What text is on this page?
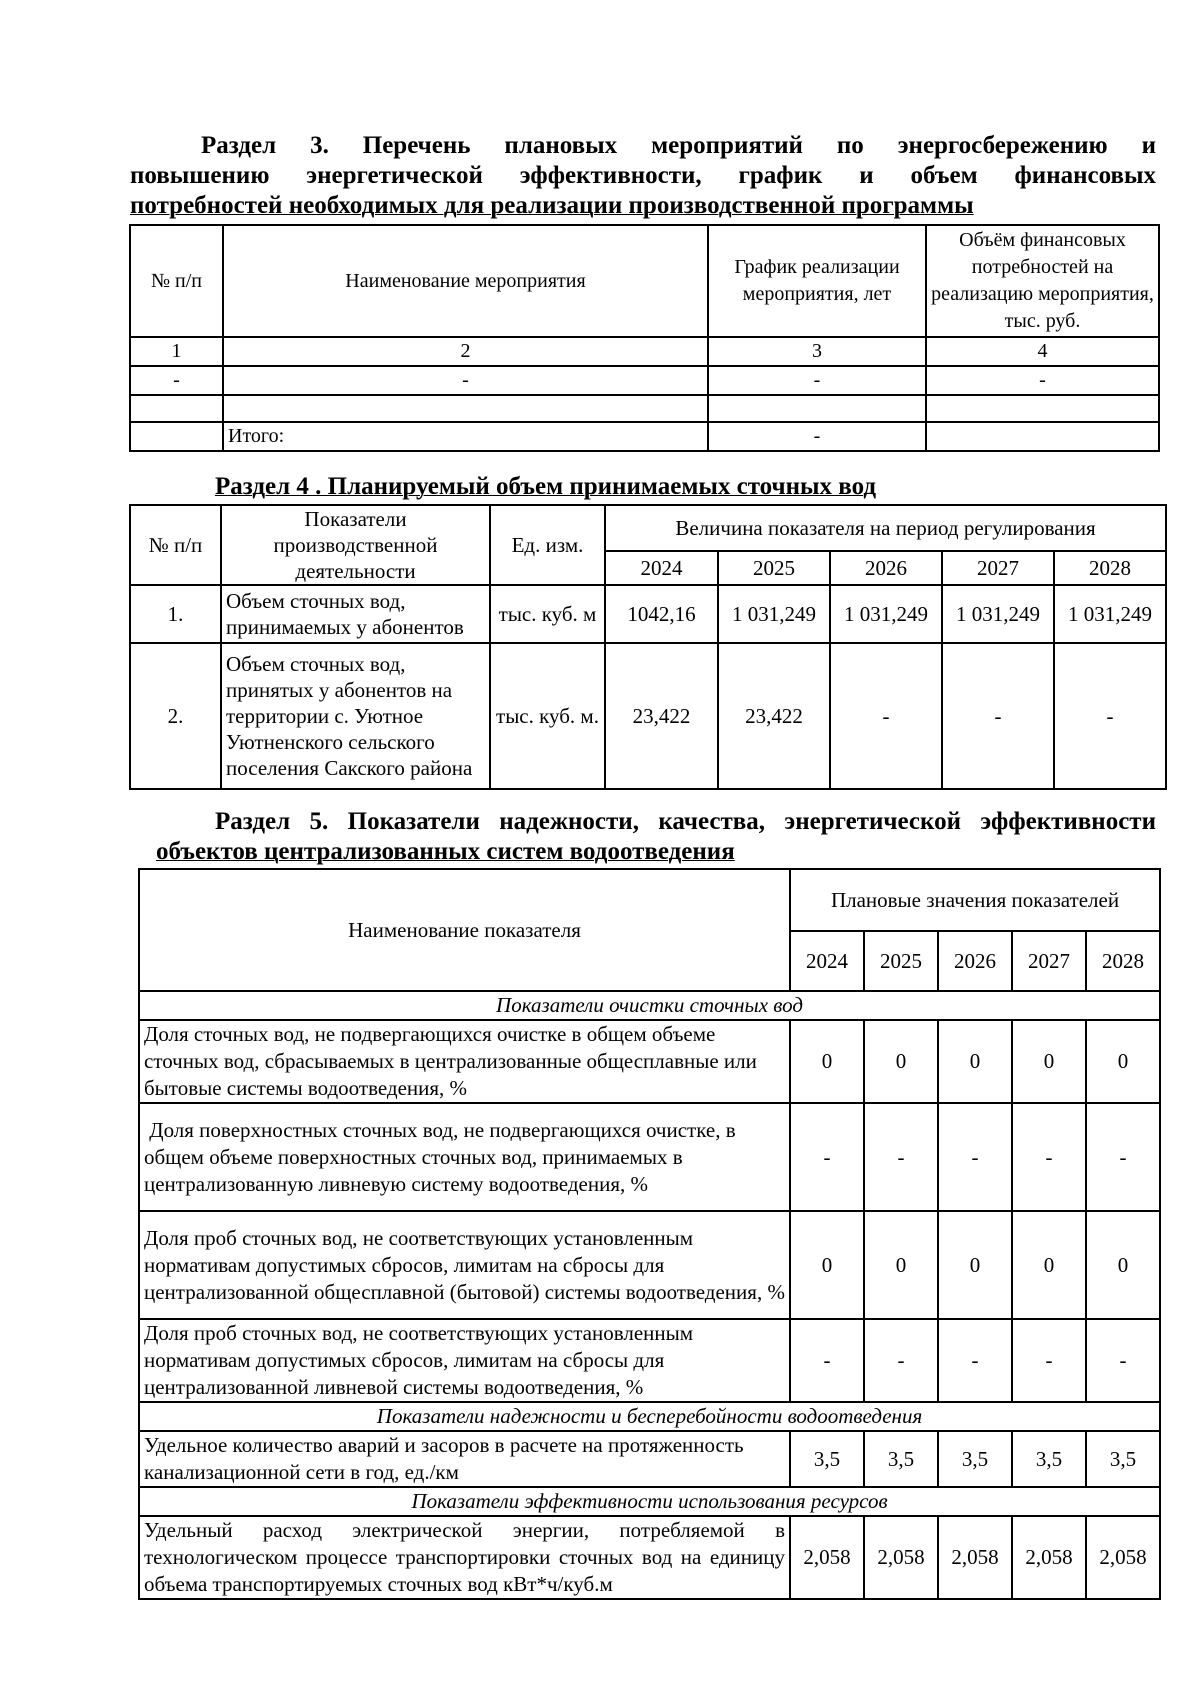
Раздел 3. Перечень плановых мероприятий по энергосбережению и
повышению энергетической эффективности, график и объем финансовых
потребностей необходимых для реализации производственной программы
№ п/п	Наименование мероприятия	График реализации мероприятия, лет	Объём финансовых потребностей на реализацию мероприятия, тыс. руб.
1	2	3	4
-	-	-	-

	Итого:	-	
Раздел 4 . Планируемый объем принимаемых сточных вод
№ п/п	Показатели производственной деятельности	Ед. изм.	Величина показателя на период регулирования				
			2024	2025	2026	2027	2028
1.	Объем сточных вод, принимаемых у абонентов	тыс. куб. м	1042,16	1 031,249	1 031,249	1 031,249	1 031,249
2.	Объем сточных вод, принятых у абонентов на территории с. Уютное Уютненского сельского поселения Сакского района	тыс. куб. м.	23,422	23,422	-	-	-
Раздел 5. Показатели надежности, качества, энергетической эффективности
объектов централизованных систем водоотведения
Наименование показателя	Плановые значения показателей				
	2024	2025	2026	2027	2028
Показатели очистки сточных вод					
Доля сточных вод, не подвергающихся очистке в общем объеме сточных вод, сбрасываемых в централизованные общесплавные или бытовые системы водоотведения, %	0	0	0	0	0
Доля поверхностных сточных вод, не подвергающихся очистке, в общем объеме поверхностных сточных вод, принимаемых в централизованную ливневую систему водоотведения, %	-	-	-	-	-
Доля проб сточных вод, не соответствующих установленным нормативам допустимых сбросов, лимитам на сбросы для централизованной общесплавной (бытовой) системы водоотведения, %	0	0	0	0	0
Доля проб сточных вод, не соответствующих установленным нормативам допустимых сбросов, лимитам на сбросы для централизованной ливневой системы водоотведения, %	-	-	-	-	-
Показатели надежности и бесперебойности водоотведения					
Удельное количество аварий и засоров в расчете на протяженность канализационной сети в год, ед./км	3,5	3,5	3,5	3,5	3,5
Показатели эффективности использования ресурсов					
Удельный расход электрической энергии, потребляемой в технологическом процессе транспортировки сточных вод на единицу объема транспортируемых сточных вод кВт*ч/куб.м	2,058	2,058	2,058	2,058	2,058
